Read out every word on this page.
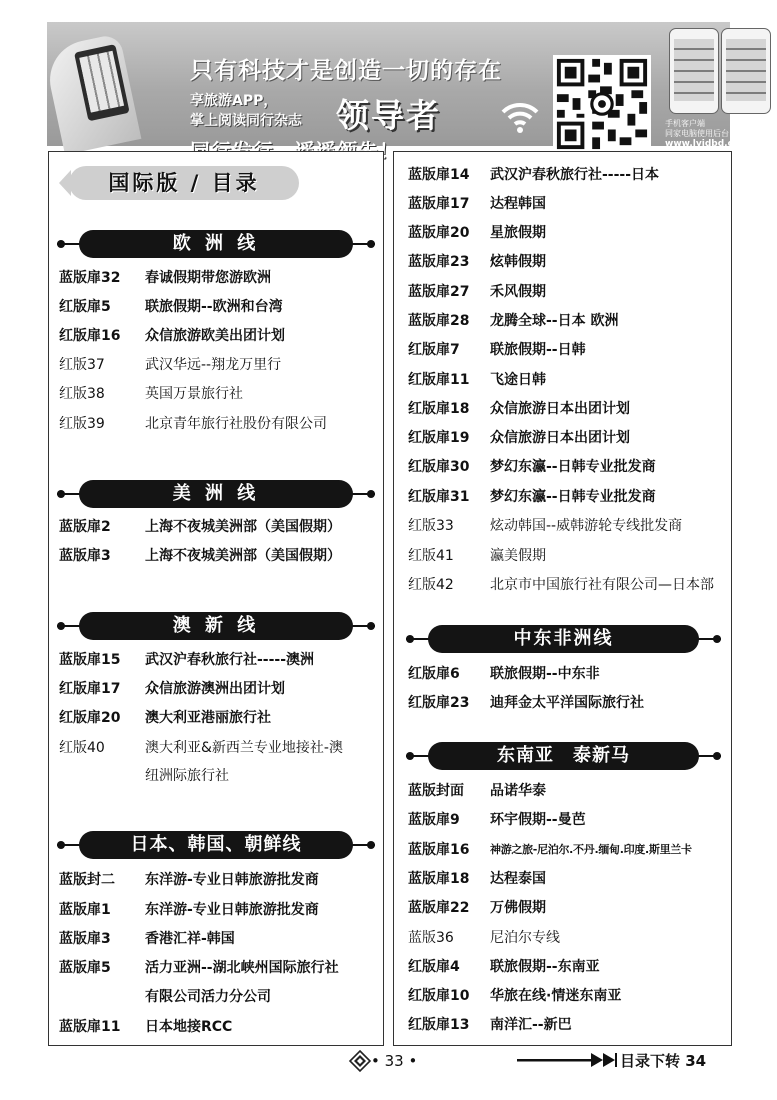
只有科技才是创造一切的存在
享旅游APP，
掌上阅读同行杂志 领导者	手机客户端
同家电脑使用后台：
www.lyjdbd.com/jdbd
国际版 / 目录
欧 洲 线
蓝版扉32 春诚假期带您游欧洲
红版扉5 联旅假期--欧洲和台湾
红版扉16 众信旅游欧美出团计划
红版37	武汉华远--翔龙万里行
红版38	英国万景旅行社
红版39	北京青年旅行社股份有限公司
美 洲 线
蓝版扉2 上海不夜城美洲部（美国假期）
蓝版扉3 上海不夜城美洲部（美国假期）
澳 新 线
蓝版扉15 武汉沪春秋旅行社-----澳洲
红版扉17 众信旅游澳洲出团计划
红版扉20 澳大利亚港丽旅行社
红版40	澳大利亚&新西兰专业地接社-澳
纽洲际旅行社
日本、韩国、朝鲜线
蓝版封二 东洋游-专业日韩旅游批发商
蓝版扉1 东洋游-专业日韩旅游批发商
蓝版扉3 香港汇祥-韩国
蓝版扉5 活力亚洲--湖北峡州国际旅行社
有限公司活力分公司
蓝版扉11 日本地接RCC
蓝版扉14 武汉沪春秋旅行社-----日本
蓝版扉17 达程韩国
蓝版扉20 星旅假期
蓝版扉23 炫韩假期
蓝版扉27 禾风假期
蓝版扉28 龙腾全球--日本 欧洲
红版扉7 联旅假期--日韩
红版扉11 飞途日韩
红版扉18 众信旅游日本出团计划
红版扉19 众信旅游日本出团计划
红版扉30 梦幻东瀛--日韩专业批发商
红版扉31 梦幻东瀛--日韩专业批发商
红版33	炫动韩国--威韩游轮专线批发商
红版41	瀛美假期
红版42	北京市中国旅行社有限公司—日本部
中东非洲线
红版扉6 联旅假期--中东非
红版扉23 迪拜金太平洋国际旅行社
东南亚　泰新马
蓝版封面 品诺华泰
蓝版扉9 环宇假期--曼芭
蓝版扉16 神游之旅-尼泊尔.不丹.缅甸.印度.斯里兰卡
蓝版扉18 达程泰国
蓝版扉22 万佛假期
蓝版36	尼泊尔专线
红版扉4 联旅假期--东南亚
红版扉10 华旅在线·情迷东南亚
红版扉13 南洋汇--新巴
• 33 •	目录下转 34
